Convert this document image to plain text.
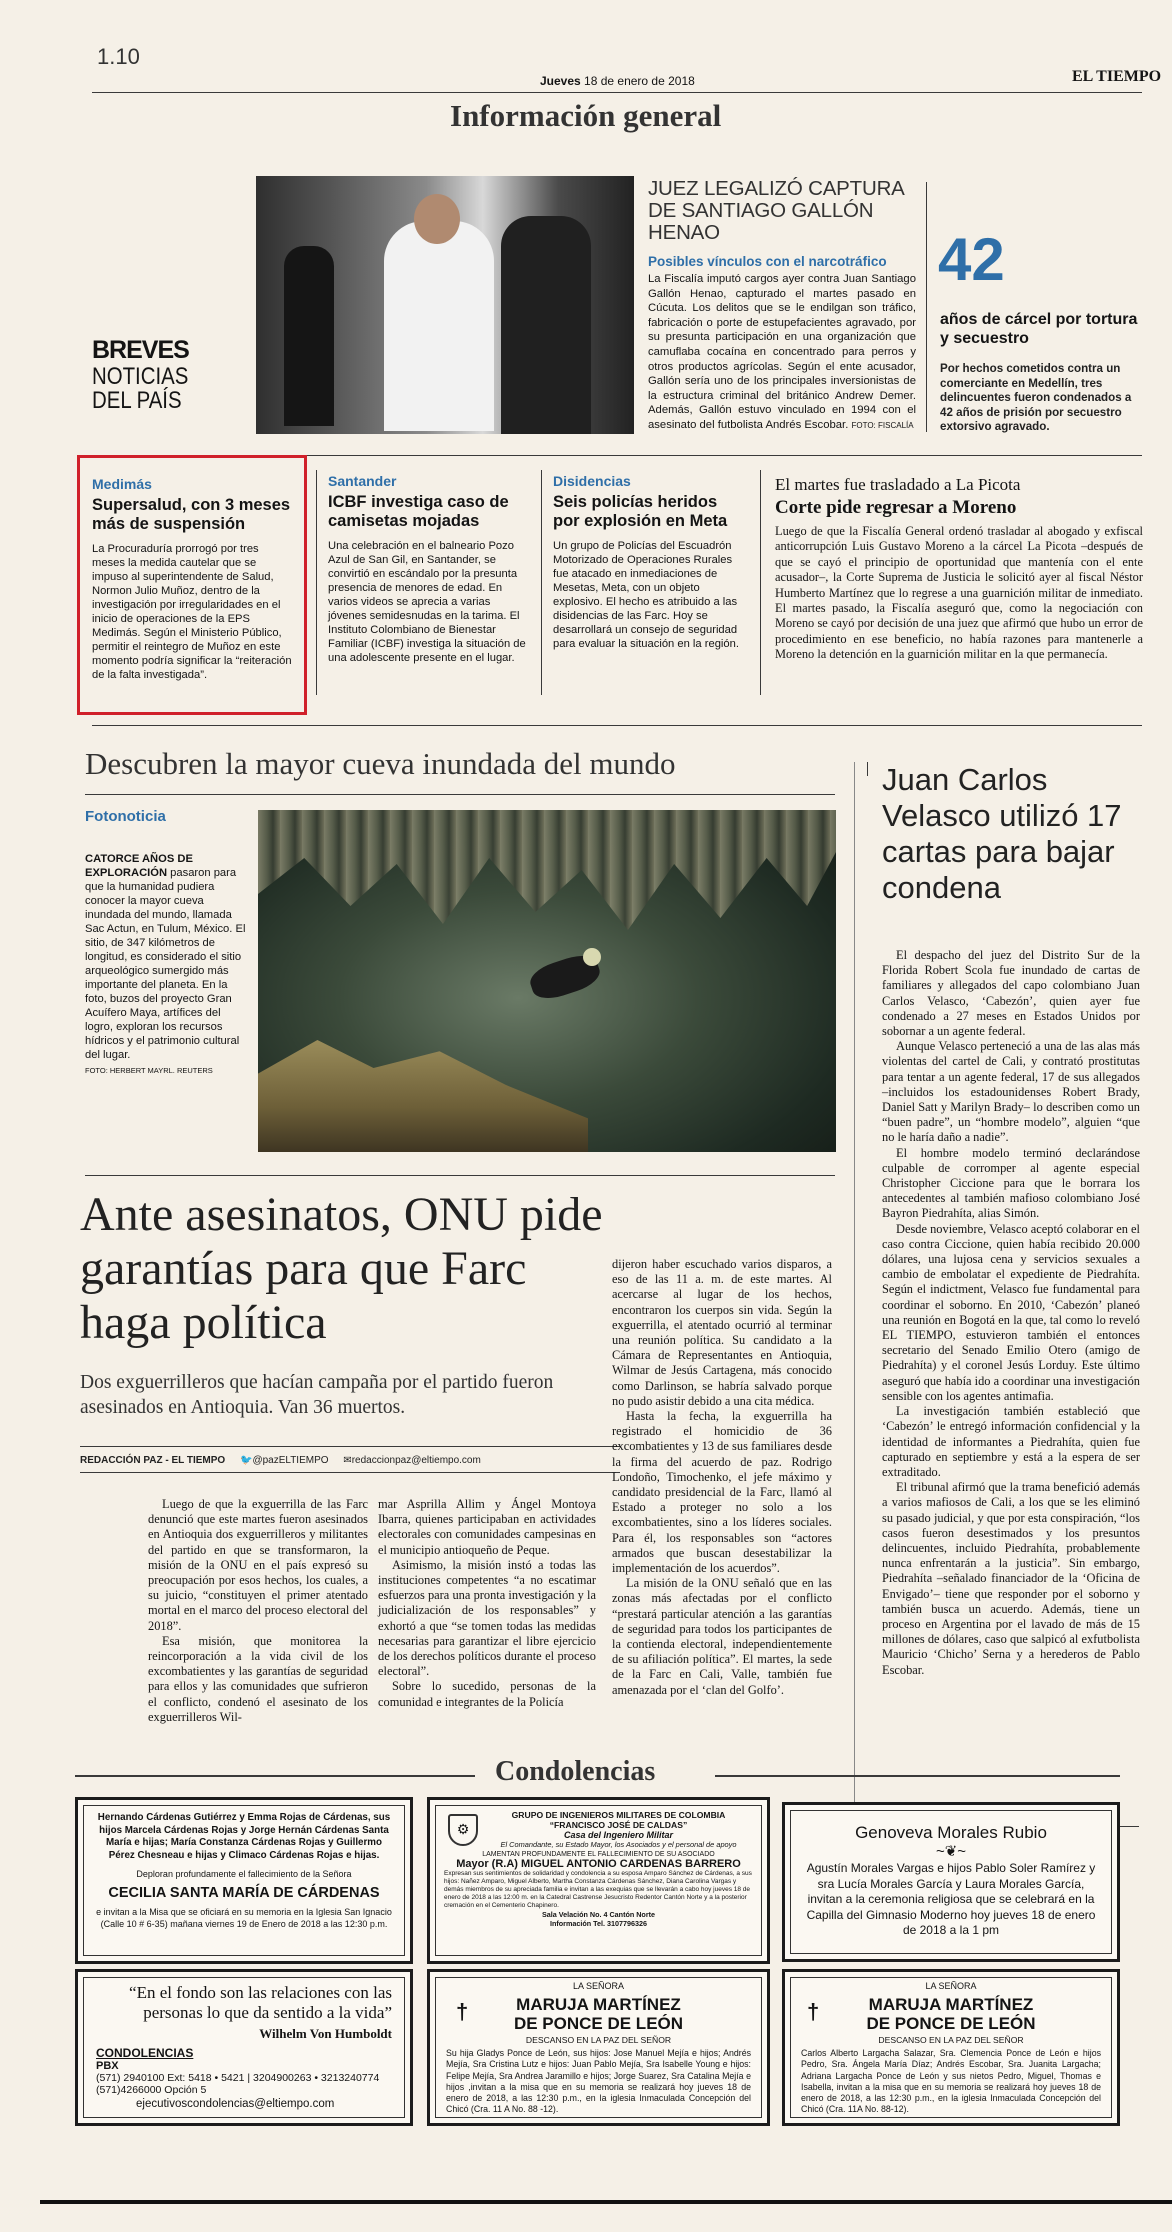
1.10
Jueves 18 de enero de 2018	EL TIEMPO
Información general
BREVES
NOTICIAS
DEL PAÍS
JUEZ LEGALIZÓ CAPTURA DE SANTIAGO GALLÓN HENAO
Posibles vínculos con el narcotráfico
La Fiscalía imputó cargos ayer contra Juan Santiago Gallón Henao, capturado el martes pasado en Cúcuta. Los delitos que se le endilgan son tráfico, fabricación o porte de estupefacientes agravado, por su presunta participación en una organización que camuflaba cocaína en concentrado para perros y otros productos agrícolas. Según el ente acusador, Gallón sería uno de los principales inversionistas de la estructura criminal del británico Andrew Demer. Además, Gallón estuvo vinculado en 1994 con el asesinato del futbolista Andrés Escobar. FOTO: FISCALÍA
42
años de cárcel por tortura y secuestro
Por hechos cometidos contra un comerciante en Medellín, tres delincuentes fueron condenados a 42 años de prisión por secuestro extorsivo agravado.
Medimás
Supersalud, con 3 meses más de suspensión
La Procuraduría prorrogó por tres meses la medida cautelar que se impuso al superintendente de Salud, Normon Julio Muñoz, dentro de la investigación por irregularidades en el inicio de operaciones de la EPS Medimás. Según el Ministerio Público, permitir el reintegro de Muñoz en este momento podría significar la “reiteración de la falta investigada”.
Santander
ICBF investiga caso de camisetas mojadas
Una celebración en el balneario Pozo Azul de San Gil, en Santander, se convirtió en escándalo por la presunta presencia de menores de edad. En varios videos se aprecia a varias jóvenes semidesnudas en la tarima. El Instituto Colombiano de Bienestar Familiar (ICBF) investiga la situación de una adolescente presente en el lugar.
Disidencias
Seis policías heridos por explosión en Meta
Un grupo de Policías del Escuadrón Motorizado de Operaciones Rurales fue atacado en inmediaciones de Mesetas, Meta, con un objeto explosivo. El hecho es atribuido a las disidencias de las Farc. Hoy se desarrollará un consejo de seguridad para evaluar la situación en la región.
El martes fue trasladado a La Picota
Corte pide regresar a Moreno
Luego de que la Fiscalía General ordenó trasladar al abogado y exfiscal anticorrupción Luis Gustavo Moreno a la cárcel La Picota –después de que se cayó el principio de oportunidad que mantenía con el ente acusador–, la Corte Suprema de Justicia le solicitó ayer al fiscal Néstor Humberto Martínez que lo regrese a una guarnición militar de inmediato. El martes pasado, la Fiscalía aseguró que, como la negociación con Moreno se cayó por decisión de una juez que afirmó que hubo un error de procedimiento en ese beneficio, no había razones para mantenerle a Moreno la detención en la guarnición militar en la que permanecía.
Descubren la mayor cueva inundada del mundo
Fotonoticia
CATORCE AÑOS DE EXPLORACIÓN pasaron para que la humanidad pudiera conocer la mayor cueva inundada del mundo, llamada Sac Actun, en Tulum, México. El sitio, de 347 kilómetros de longitud, es considerado el sitio arqueológico sumergido más importante del planeta. En la foto, buzos del proyecto Gran Acuífero Maya, artífices del logro, exploran los recursos hídricos y el patrimonio cultural del lugar.
FOTO: HERBERT MAYRL. REUTERS
Juan Carlos Velasco utilizó 17 cartas para bajar condena

El despacho del juez del Distrito Sur de la Florida Robert Scola fue inundado de cartas de familiares y allegados del capo colombiano Juan Carlos Velasco, ‘Cabezón’, quien ayer fue condenado a 27 meses en Estados Unidos por sobornar a un agente federal.

Aunque Velasco perteneció a una de las alas más violentas del cartel de Cali, y contrató prostitutas para tentar a un agente federal, 17 de sus allegados –incluidos los estadounidenses Robert Brady, Daniel Satt y Marilyn Brady– lo describen como un “buen padre”, un “hombre modelo”, alguien “que no le haría daño a nadie”.

El hombre modelo terminó declarándose culpable de corromper al agente especial Christopher Ciccione para que le borrara los antecedentes al también mafioso colombiano José Bayron Piedrahíta, alias Simón.

Desde noviembre, Velasco aceptó colaborar en el caso contra Ciccione, quien había recibido 20.000 dólares, una lujosa cena y servicios sexuales a cambio de embolatar el expediente de Piedrahíta. Según el indictment, Velasco fue fundamental para coordinar el soborno. En 2010, ‘Cabezón’ planeó una reunión en Bogotá en la que, tal como lo reveló EL TIEMPO, estuvieron también el entonces secretario del Senado Emilio Otero (amigo de Piedrahíta) y el coronel Jesús Lorduy. Este último aseguró que había ido a coordinar una investigación sensible con los agentes antimafia.

La investigación también estableció que ‘Cabezón’ le entregó información confidencial y la identidad de informantes a Piedrahíta, quien fue capturado en septiembre y está a la espera de ser extraditado.

El tribunal afirmó que la trama benefició además a varios mafiosos de Cali, a los que se les eliminó su pasado judicial, y que por esta conspiración, “los casos fueron desestimados y los presuntos delincuentes, incluido Piedrahíta, probablemente nunca enfrentarán a la justicia”. Sin embargo, Piedrahíta –señalado financiador de la ‘Oficina de Envigado’– tiene que responder por el soborno y también busca un acuerdo. Además, tiene un proceso en Argentina por el lavado de más de 15 millones de dólares, caso que salpicó al exfutbolista Mauricio ‘Chicho’ Serna y a herederos de Pablo Escobar.

Ante asesinatos, ONU pide garantías para que Farc haga política
Dos exguerrilleros que hacían campaña por el partido fueron asesinados en Antioquia. Van 36 muertos.
REDACCIÓN PAZ - EL TIEMPO 🐦@pazELTIEMPO ✉redaccionpaz@eltiempo.com

Luego de que la exguerrilla de las Farc denunció que este martes fueron asesinados en Antioquia dos exguerrilleros y militantes del partido en que se transformaron, la misión de la ONU en el país expresó su preocupación por esos hechos, los cuales, a su juicio, “constituyen el primer atentado mortal en el marco del proceso electoral del 2018”.

Esa misión, que monitorea la reincorporación a la vida civil de los excombatientes y las garantías de seguridad para ellos y las comunidades que sufrieron el conflicto, condenó el asesinato de los exguerrilleros Wil-

mar Asprilla Allim y Ángel Montoya Ibarra, quienes participaban en actividades electorales con comunidades campesinas en el municipio antioqueño de Peque.

Asimismo, la misión instó a todas las instituciones competentes “a no escatimar esfuerzos para una pronta investigación y la judicialización de los responsables” y exhortó a que “se tomen todas las medidas necesarias para garantizar el libre ejercicio de los derechos políticos durante el proceso electoral”.

Sobre lo sucedido, personas de la comunidad e integrantes de la Policía

dijeron haber escuchado varios disparos, a eso de las 11 a. m. de este martes. Al acercarse al lugar de los hechos, encontraron los cuerpos sin vida. Según la exguerrilla, el atentado ocurrió al terminar una reunión política. Su candidato a la Cámara de Representantes en Antioquia, Wilmar de Jesús Cartagena, más conocido como Darlinson, se habría salvado porque no pudo asistir debido a una cita médica.

Hasta la fecha, la exguerrilla ha registrado el homicidio de 36 excombatientes y 13 de sus familiares desde la firma del acuerdo de paz. Rodrigo Londoño, Timochenko, el jefe máximo y candidato presidencial de la Farc, llamó al Estado a proteger no solo a los excombatientes, sino a los líderes sociales. Para él, los responsables son “actores armados que buscan desestabilizar la implementación de los acuerdos”.

La misión de la ONU señaló que en las zonas más afectadas por el conflicto “prestará particular atención a las garantías de seguridad para todos los participantes de la contienda electoral, independientemente de su afiliación política”. El martes, la sede de la Farc en Cali, Valle, también fue amenazada por el ‘clan del Golfo’.

Condolencias
Hernando Cárdenas Gutiérrez y Emma Rojas de Cárdenas, sus hijos Marcela Cárdenas Rojas y Jorge Hernán Cárdenas Santa María e hijas; María Constanza Cárdenas Rojas y Guillermo Pérez Chesneau e hijas y Climaco Cárdenas Rojas e hijas.
Deploran profundamente el fallecimiento de la Señora
CECILIA SANTA MARÍA DE CÁRDENAS
e invitan a la Misa que se oficiará en su memoria en la Iglesia San Ignacio (Calle 10 # 6-35) mañana viernes 19 de Enero de 2018 a las 12:30 p.m.
⚙
GRUPO DE INGENIEROS MILITARES DE COLOMBIA “FRANCISCO JOSÉ DE CALDAS”
Casa del Ingeniero Militar
El Comandante, su Estado Mayor, los Asociados y el personal de apoyo
LAMENTAN PROFUNDAMENTE EL FALLECIMIENTO DE SU ASOCIADO
Mayor (R.A) MIGUEL ANTONIO CARDENAS BARRERO
Expresan sus sentimientos de solidaridad y condolencia a su esposa Amparo Sánchez de Cárdenas, a sus hijos: Nañez Amparo, Miguel Alberto, Martha Constanza Cárdenas Sánchez, Diana Carolina Vargas y demás miembros de su apreciada familia e invitan a las exequias que se llevarán a cabo hoy jueves 18 de enero de 2018 a las 12:00 m. en la Catedral Castrense Jesucristo Redentor Cantón Norte y a la posterior cremación en el Cementerio Chapinero.
Sala Velación No. 4 Cantón Norte
Información Tel. 3107796326
Genoveva Morales Rubio
~❦~
Agustín Morales Vargas e hijos Pablo Soler Ramírez y sra Lucía Morales García y Laura Morales García, invitan a la ceremonia religiosa que se celebrará en la Capilla del Gimnasio Moderno hoy jueves 18 de enero de 2018 a la 1 pm
“En el fondo son las relaciones con las personas lo que da sentido a la vida”
Wilhelm Von Humboldt
CONDOLENCIAS
PBX
(571) 2940100 Ext: 5418 • 5421 | 3204900263 • 3213240774
(571)4266000 Opción 5
ejecutivoscondolencias@eltiempo.com
LA SEÑORA
†	MARUJA MARTÍNEZ
DE PONCE DE LEÓN
DESCANSO EN LA PAZ DEL SEÑOR
Su hija Gladys Ponce de León, sus hijos: Jose Manuel Mejía e hijos; Andrés Mejía, Sra Cristina Lutz e hijos: Juan Pablo Mejía, Sra Isabelle Young e hijos: Felipe Mejía, Sra Andrea Jaramillo e hijos; Jorge Suarez, Sra Catalina Mejía e hijos ,invitan a la misa que en su memoria se realizará hoy jueves 18 de enero de 2018, a las 12:30 p.m., en la iglesia Inmaculada Concepción del Chicó (Cra. 11 A No. 88 -12).
LA SEÑORA
†	MARUJA MARTÍNEZ
DE PONCE DE LEÓN
DESCANSO EN LA PAZ DEL SEÑOR
Carlos Alberto Largacha Salazar, Sra. Clemencia Ponce de León e hijos Pedro, Sra. Ángela María Díaz; Andrés Escobar, Sra. Juanita Largacha; Adriana Largacha Ponce de León y sus nietos Pedro, Miguel, Thomas e Isabella, invitan a la misa que en su memoria se realizará hoy jueves 18 de enero de 2018, a las 12:30 p.m., en la iglesia Inmaculada Concepción del Chicó (Cra. 11A No. 88-12).
